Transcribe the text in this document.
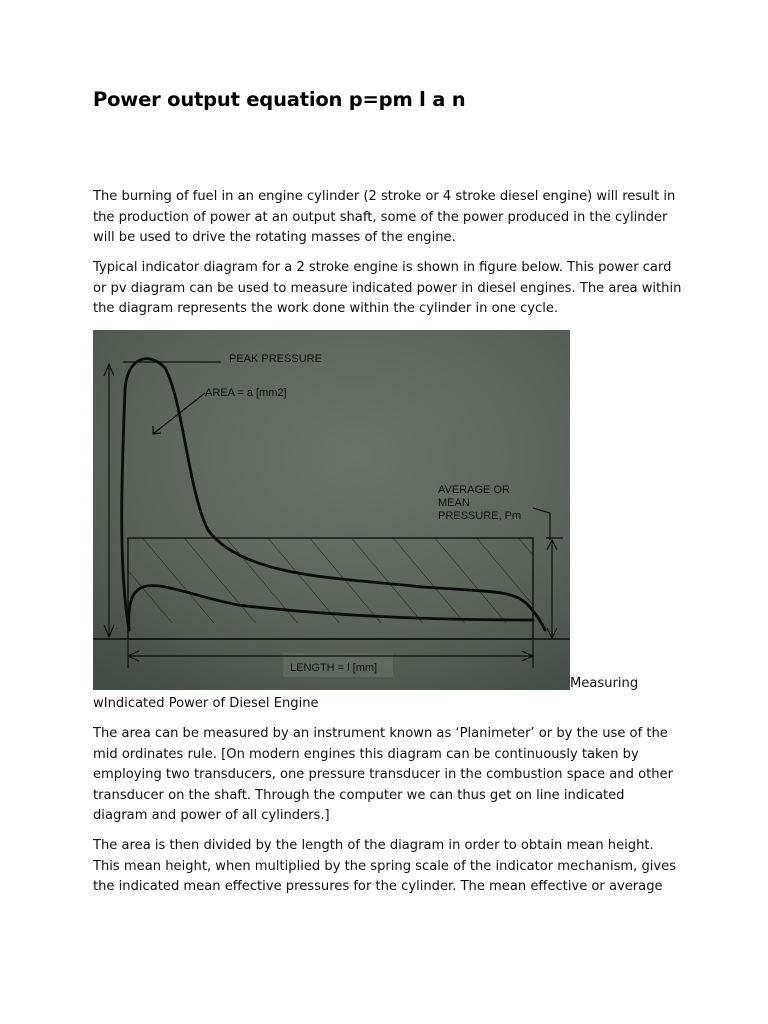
Power output equation p=pm l a n

The burning of fuel in an engine cylinder (2 stroke or 4 stroke diesel engine) will result in the production of power at an output shaft, some of the power produced in the cylinder will be used to drive the rotating masses of the engine.

Typical indicator diagram for a 2 stroke engine is shown in figure below. This power card or pv diagram can be used to measure indicated power in diesel engines. The area within the diagram represents the work done within the cylinder in one cycle.

PEAK PRESSURE
AREA = a [mm2]
AVERAGE OR
MEAN
PRESSURE, Pm
LENGTH = l [mm]
Measuring
wIndicated Power of Diesel Engine

The area can be measured by an instrument known as ‘Planimeter’ or by the use of the mid ordinates rule. [On modern engines this diagram can be continuously taken by employing two transducers, one pressure transducer in the combustion space and other transducer on the shaft. Through the computer we can thus get on line indicated diagram and power of all cylinders.]

The area is then divided by the length of the diagram in order to obtain mean height. This mean height, when multiplied by the spring scale of the indicator mechanism, gives the indicated mean effective pressures for the cylinder. The mean effective or average
